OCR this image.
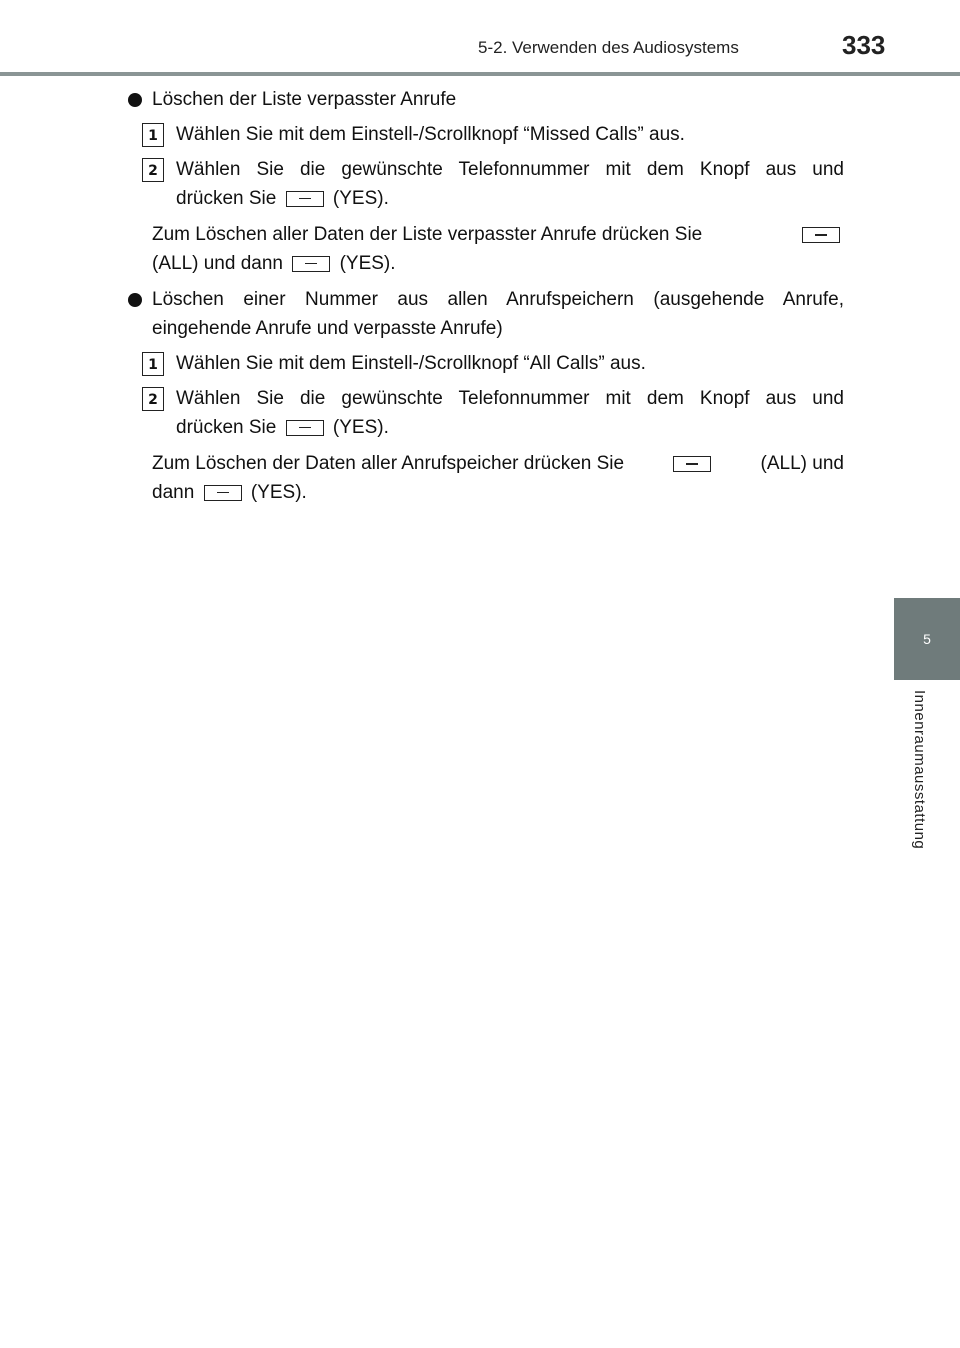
5-2. Verwenden des Audiosystems	333
5
Innenraumausstattung
Löschen der Liste verpasster Anrufe
1 Wählen Sie mit dem Einstell-/Scrollknopf “Missed Calls” aus.
2 Wählen Sie die gewünschte Telefonnummer mit dem Knopf aus und
drücken Sie	(YES).
Zum Löschen aller Daten der Liste verpasster Anrufe drücken Sie
(ALL) und dann	(YES).
Löschen einer Nummer aus allen Anrufspeichern (ausgehende Anrufe,
eingehende Anrufe und verpasste Anrufe)
1 Wählen Sie mit dem Einstell-/Scrollknopf “All Calls” aus.
2 Wählen Sie die gewünschte Telefonnummer mit dem Knopf aus und
drücken Sie	(YES).
Zum Löschen der Daten aller Anrufspeicher drücken Sie	(ALL) und
dann	(YES).
